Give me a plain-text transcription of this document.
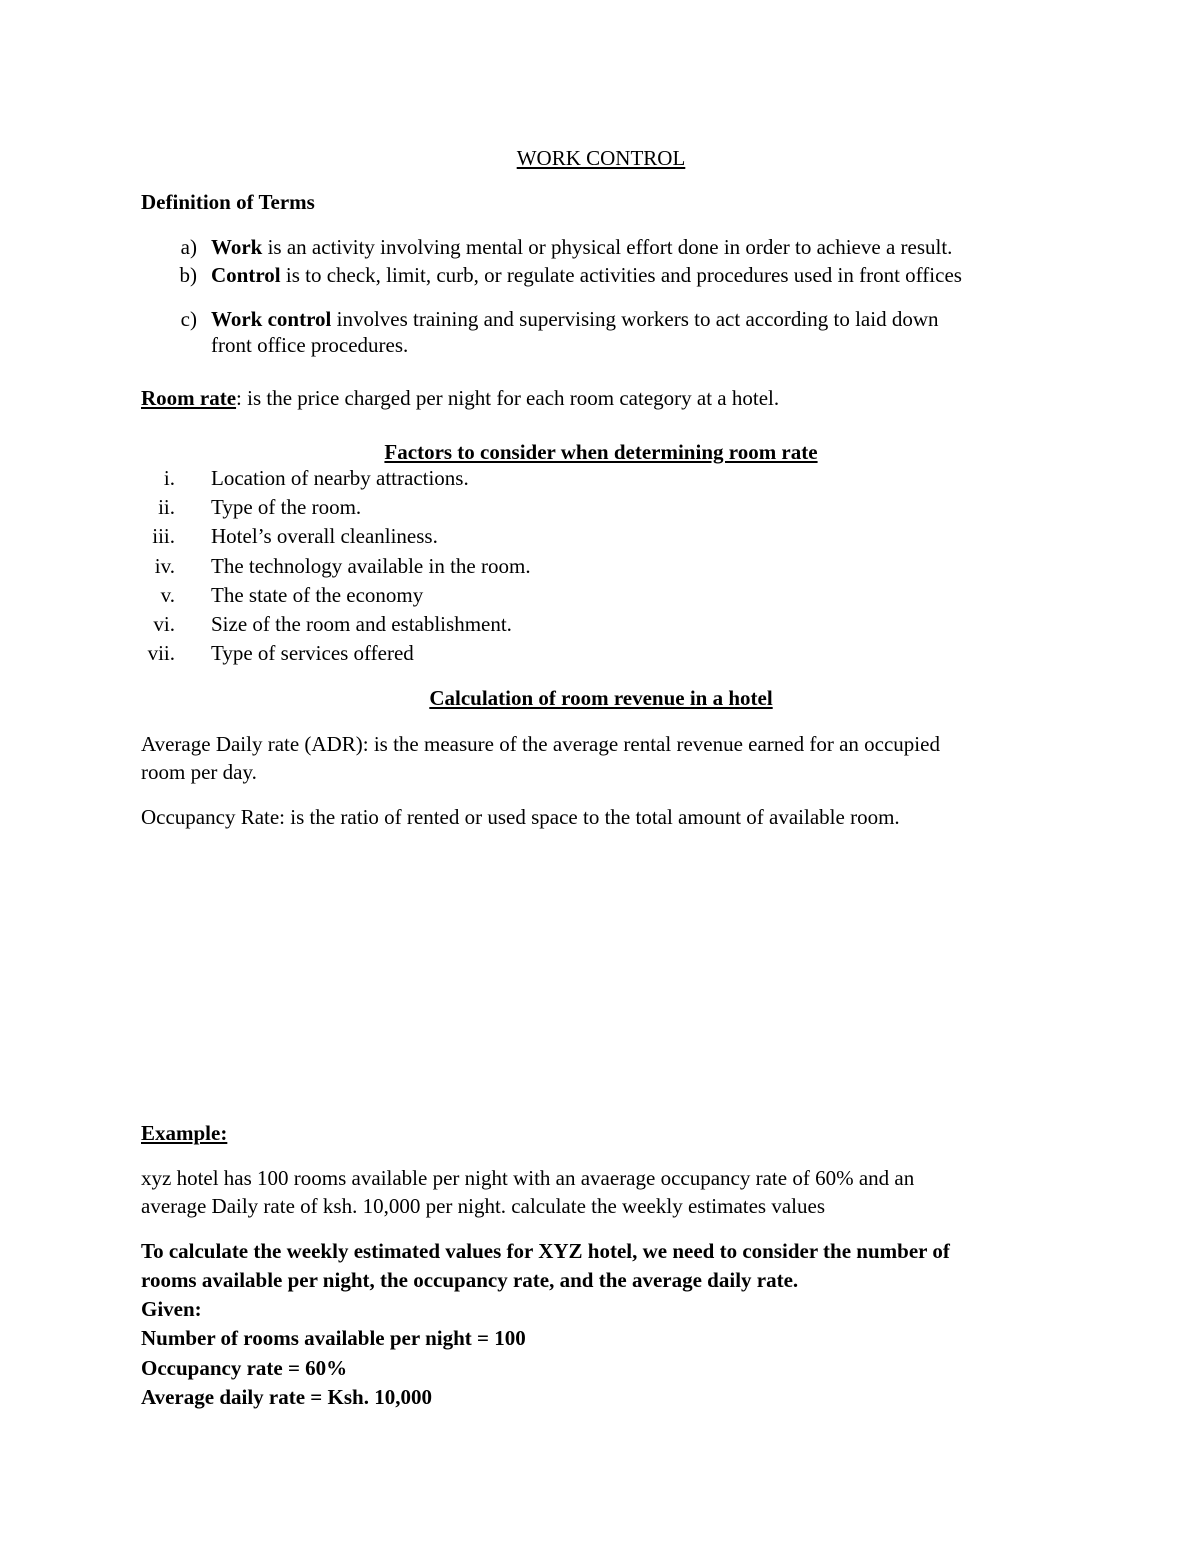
WORK CONTROL
Definition of Terms
a) Work is an activity involving mental or physical effort done in order to achieve a result.
b) Control is to check, limit, curb, or regulate activities and procedures used in front offices
c) Work control involves training and supervising workers to act according to laid down
front office procedures.
Room rate: is the price charged per night for each room category at a hotel.
Factors to consider when determining room rate
i. Location of nearby attractions.
ii. Type of the room.
iii. Hotel’s overall cleanliness.
iv. The technology available in the room.
v. The state of the economy
vi. Size of the room and establishment.
vii. Type of services offered
Calculation of room revenue in a hotel
Average Daily rate (ADR): is the measure of the average rental revenue earned for an occupied
room per day.
Occupancy Rate: is the ratio of rented or used space to the total amount of available room.
Example:
xyz hotel has 100 rooms available per night with an avaerage occupancy rate of 60% and an
average Daily rate of ksh. 10,000 per night. calculate the weekly estimates values
To calculate the weekly estimated values for XYZ hotel, we need to consider the number of
rooms available per night, the occupancy rate, and the average daily rate.
Given:
Number of rooms available per night = 100
Occupancy rate = 60%
Average daily rate = Ksh. 10,000
